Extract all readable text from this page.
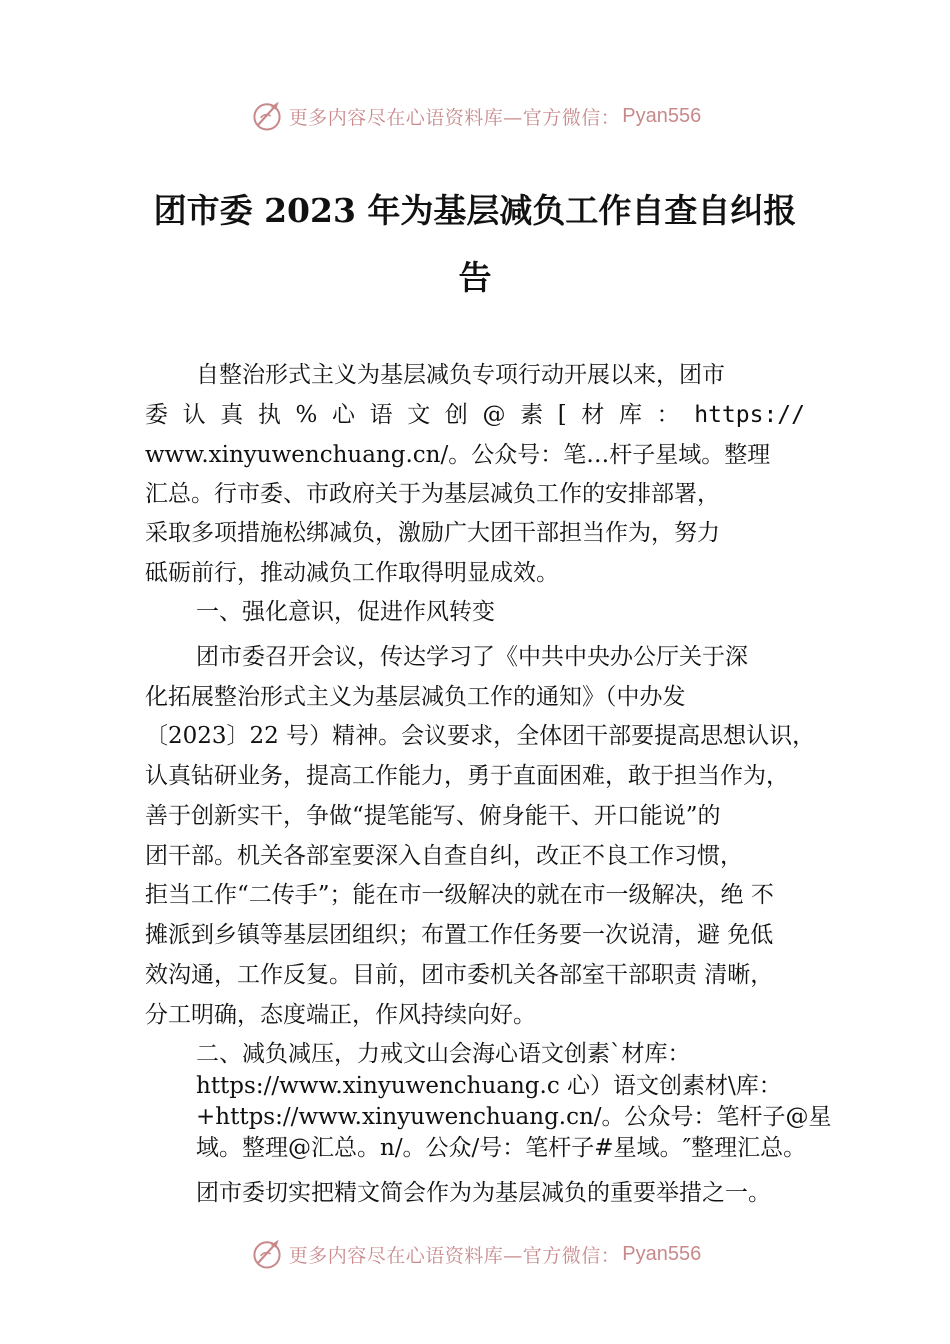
更多内容尽在心语资料库—官方微信： Pyan556
团市委 2023 年为基层减负工作自查自纠报
告

自整治形式主义为基层减负专项行动开展以来，团市

委 认 真 执 % 心 语 文 创 @ 素 [ 材 库 ： https://

www.xinyuwenchuang.cn/。公众号：笔…杆子星域。整理

汇总。行市委、市政府关于为基层减负工作的安排部署，

采取多项措施松绑减负，激励广大团干部担当作为，努力

砥砺前行，推动减负工作取得明显成效。

一、强化意识，促进作风转变

团市委召开会议，传达学习了《中共中央办公厅关于深

化拓展整治形式主义为基层减负工作的通知》（中办发

〔2023〕22 号）精神。会议要求，全体团干部要提高思想认识，

认真钻研业务，提高工作能力，勇于直面困难，敢于担当作为，

善于创新实干，争做“提笔能写、俯身能干、开口能说”的

团干部。机关各部室要深入自查自纠，改正不良工作习惯，

拒当工作“二传手”；能在市一级解决的就在市一级解决，绝 不

摊派到乡镇等基层团组织；布置工作任务要一次说清，避 免低

效沟通，工作反复。目前，团市委机关各部室干部职责 清晰，

分工明确，态度端正，作风持续向好。

二、减负减压，力戒文山会海心语文创素`材库：

https://www.xinyuwenchuang.c 心）语文创素材\库：

+https://www.xinyuwenchuang.cn/。公众号：笔杆子@星

域。整理@汇总。n/。公众/号：笔杆子#星域。″整理汇总。

团市委切实把精文简会作为为基层减负的重要举措之一。

更多内容尽在心语资料库—官方微信： Pyan556
